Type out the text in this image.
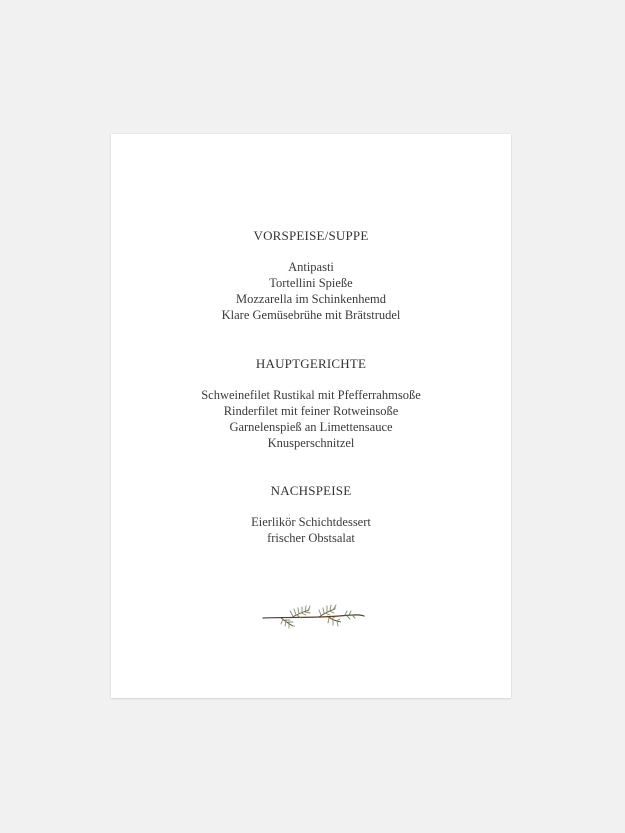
VORSPEISE/SUPPE
Antipasti
Tortellini Spieße
Mozzarella im Schinkenhemd
Klare Gemüsebrühe mit Brätstrudel
HAUPTGERICHTE
Schweinefilet Rustikal mit Pfefferrahmsoße
Rinderfilet mit feiner Rotweinsoße
Garnelenspieß an Limettensauce
Knusperschnitzel
NACHSPEISE
Eierlikör Schichtdessert
frischer Obstsalat
